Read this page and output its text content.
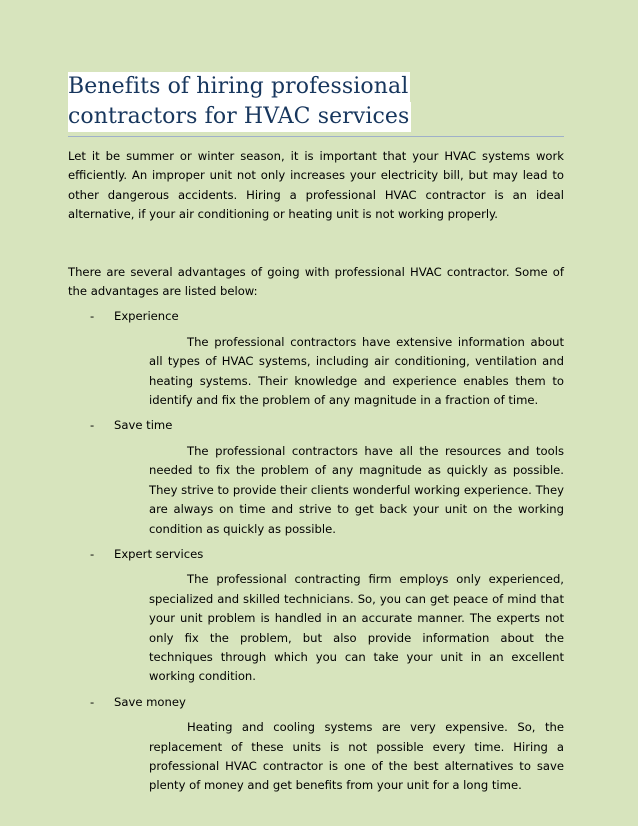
Benefits of hiring professional
contractors for HVAC services

Let it be summer or winter season, it is important that your HVAC systems work efficiently. An improper unit not only increases your electricity bill, but may lead to other dangerous accidents. Hiring a professional HVAC contractor is an ideal alternative, if your air conditioning or heating unit is not working properly.

There are several advantages of going with professional HVAC contractor. Some of the advantages are listed below:

-	Experience
The professional contractors have extensive information about all types of HVAC systems, including air conditioning, ventilation and heating systems. Their knowledge and experience enables them to identify and fix the problem of any magnitude in a fraction of time.
-	Save time
The professional contractors have all the resources and tools needed to fix the problem of any magnitude as quickly as possible. They strive to provide their clients wonderful working experience. They are always on time and strive to get back your unit on the working condition as quickly as possible.
-	Expert services
The professional contracting firm employs only experienced, specialized and skilled technicians. So, you can get peace of mind that your unit problem is handled in an accurate manner. The experts not only fix the problem, but also provide information about the techniques through which you can take your unit in an excellent working condition.
-	Save money
Heating and cooling systems are very expensive. So, the replacement of these units is not possible every time. Hiring a professional HVAC contractor is one of the best alternatives to save plenty of money and get benefits from your unit for a long time.
